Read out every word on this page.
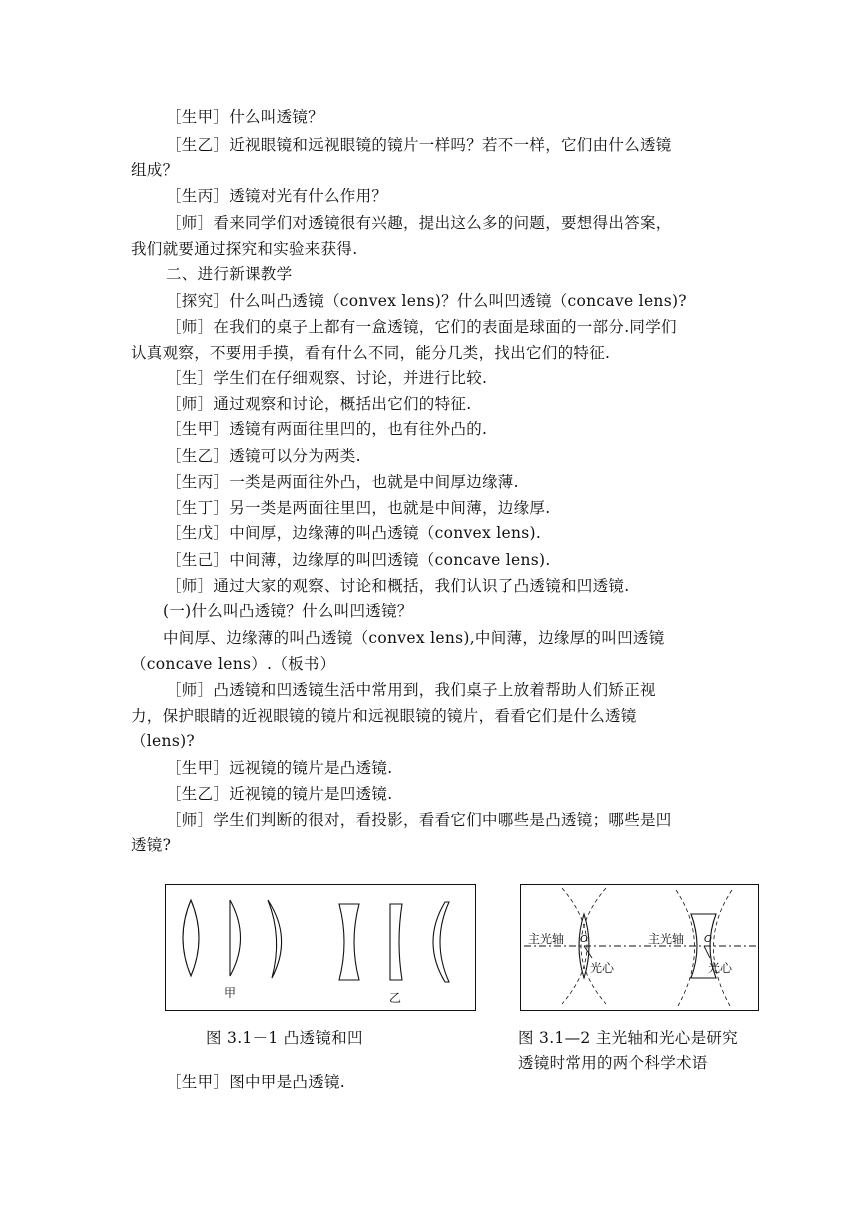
［生甲］什么叫透镜？
［生乙］近视眼镜和远视眼镜的镜片一样吗？若不一样，它们由什么透镜
组成？
［生丙］透镜对光有什么作用？
［师］看来同学们对透镜很有兴趣，提出这么多的问题，要想得出答案，
我们就要通过探究和实验来获得.
二、进行新课教学
［探究］什么叫凸透镜（convex lens)？什么叫凹透镜（concave lens)?
［师］在我们的桌子上都有一盒透镜，它们的表面是球面的一部分.同学们
认真观察，不要用手摸，看有什么不同，能分几类，找出它们的特征.
［生］学生们在仔细观察、讨论，并进行比较.
［师］通过观察和讨论，概括出它们的特征.
［生甲］透镜有两面往里凹的，也有往外凸的.
［生乙］透镜可以分为两类.
［生丙］一类是两面往外凸，也就是中间厚边缘薄.
［生丁］另一类是两面往里凹，也就是中间薄，边缘厚.
［生戊］中间厚，边缘薄的叫凸透镜（convex lens).
［生己］中间薄，边缘厚的叫凹透镜（concave lens).
［师］通过大家的观察、讨论和概括，我们认识了凸透镜和凹透镜.
(一)什么叫凸透镜？什么叫凹透镜？
中间厚、边缘薄的叫凸透镜（convex lens),中间薄，边缘厚的叫凹透镜
（concave lens）.（板书）
［师］凸透镜和凹透镜生活中常用到，我们桌子上放着帮助人们矫正视
力，保护眼睛的近视眼镜的镜片和远视眼镜的镜片，看看它们是什么透镜
（lens)?
［生甲］远视镜的镜片是凸透镜.
［生乙］近视镜的镜片是凹透镜.
［师］学生们判断的很对，看投影，看看它们中哪些是凸透镜；哪些是凹
透镜?
甲	乙
主光轴	主光轴
O	O
光心	光心
图 3.1－1 凸透镜和凹	图 3.1—2 主光轴和光心是研究
透镜时常用的两个科学术语
［生甲］图中甲是凸透镜.
